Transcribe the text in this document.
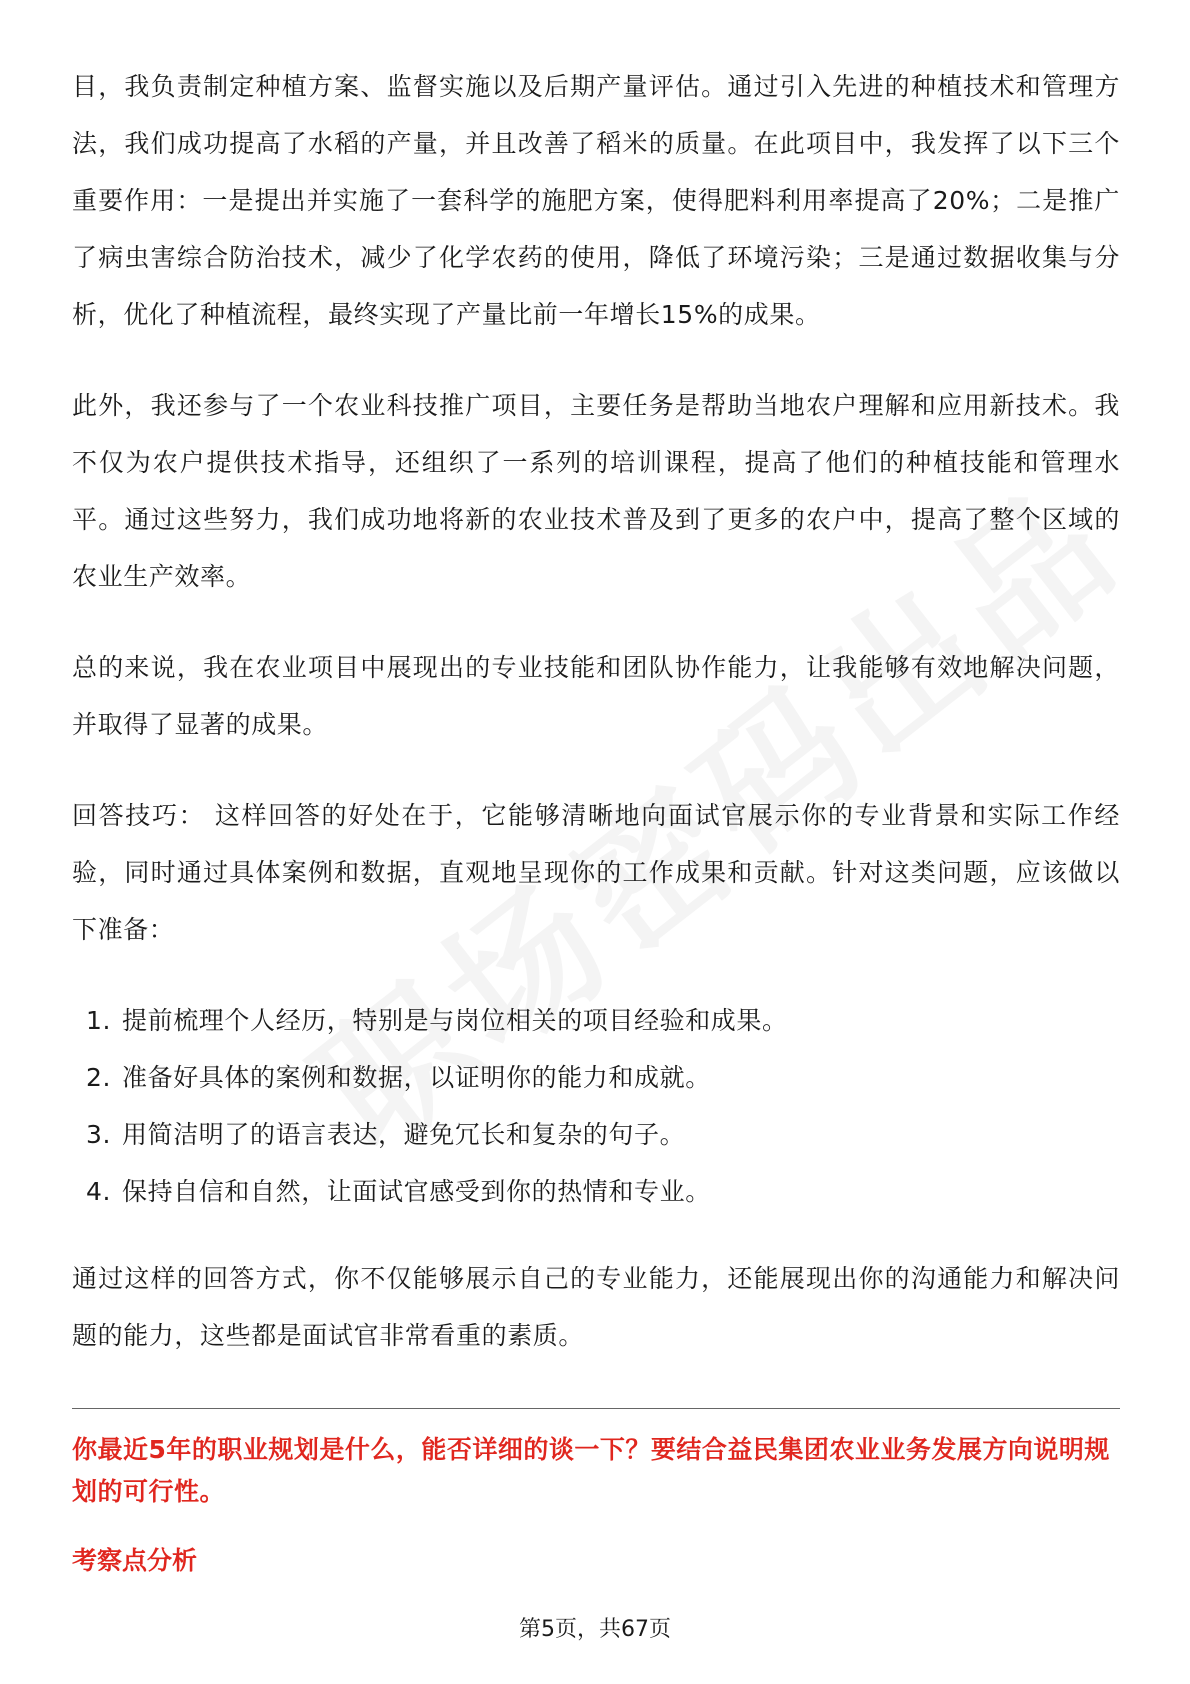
目，我负责制定种植方案、监督实施以及后期产量评估。通过引入先进的种植技术和管理方法，我们成功提高了水稻的产量，并且改善了稻米的质量。在此项目中，我发挥了以下三个重要作用：一是提出并实施了一套科学的施肥方案，使得肥料利用率提高了20%；二是推广了病虫害综合防治技术，减少了化学农药的使用，降低了环境污染；三是通过数据收集与分析，优化了种植流程，最终实现了产量比前一年增长15%的成果。

此外，我还参与了一个农业科技推广项目，主要任务是帮助当地农户理解和应用新技术。我不仅为农户提供技术指导，还组织了一系列的培训课程，提高了他们的种植技能和管理水平。通过这些努力，我们成功地将新的农业技术普及到了更多的农户中，提高了整个区域的农业生产效率。

总的来说，我在农业项目中展现出的专业技能和团队协作能力，让我能够有效地解决问题，并取得了显著的成果。

回答技巧： 这样回答的好处在于，它能够清晰地向面试官展示你的专业背景和实际工作经验，同时通过具体案例和数据，直观地呈现你的工作成果和贡献。针对这类问题，应该做以下准备：

1. 提前梳理个人经历，特别是与岗位相关的项目经验和成果。
2. 准备好具体的案例和数据，以证明你的能力和成就。
3. 用简洁明了的语言表达，避免冗长和复杂的句子。
4. 保持自信和自然，让面试官感受到你的热情和专业。

通过这样的回答方式，你不仅能够展示自己的专业能力，还能展现出你的沟通能力和解决问题的能力，这些都是面试官非常看重的素质。

你最近5年的职业规划是什么，能否详细的谈一下？要结合益民集团农业业务发展方向说明规划的可行性。

考察点分析

第5页，共67页
